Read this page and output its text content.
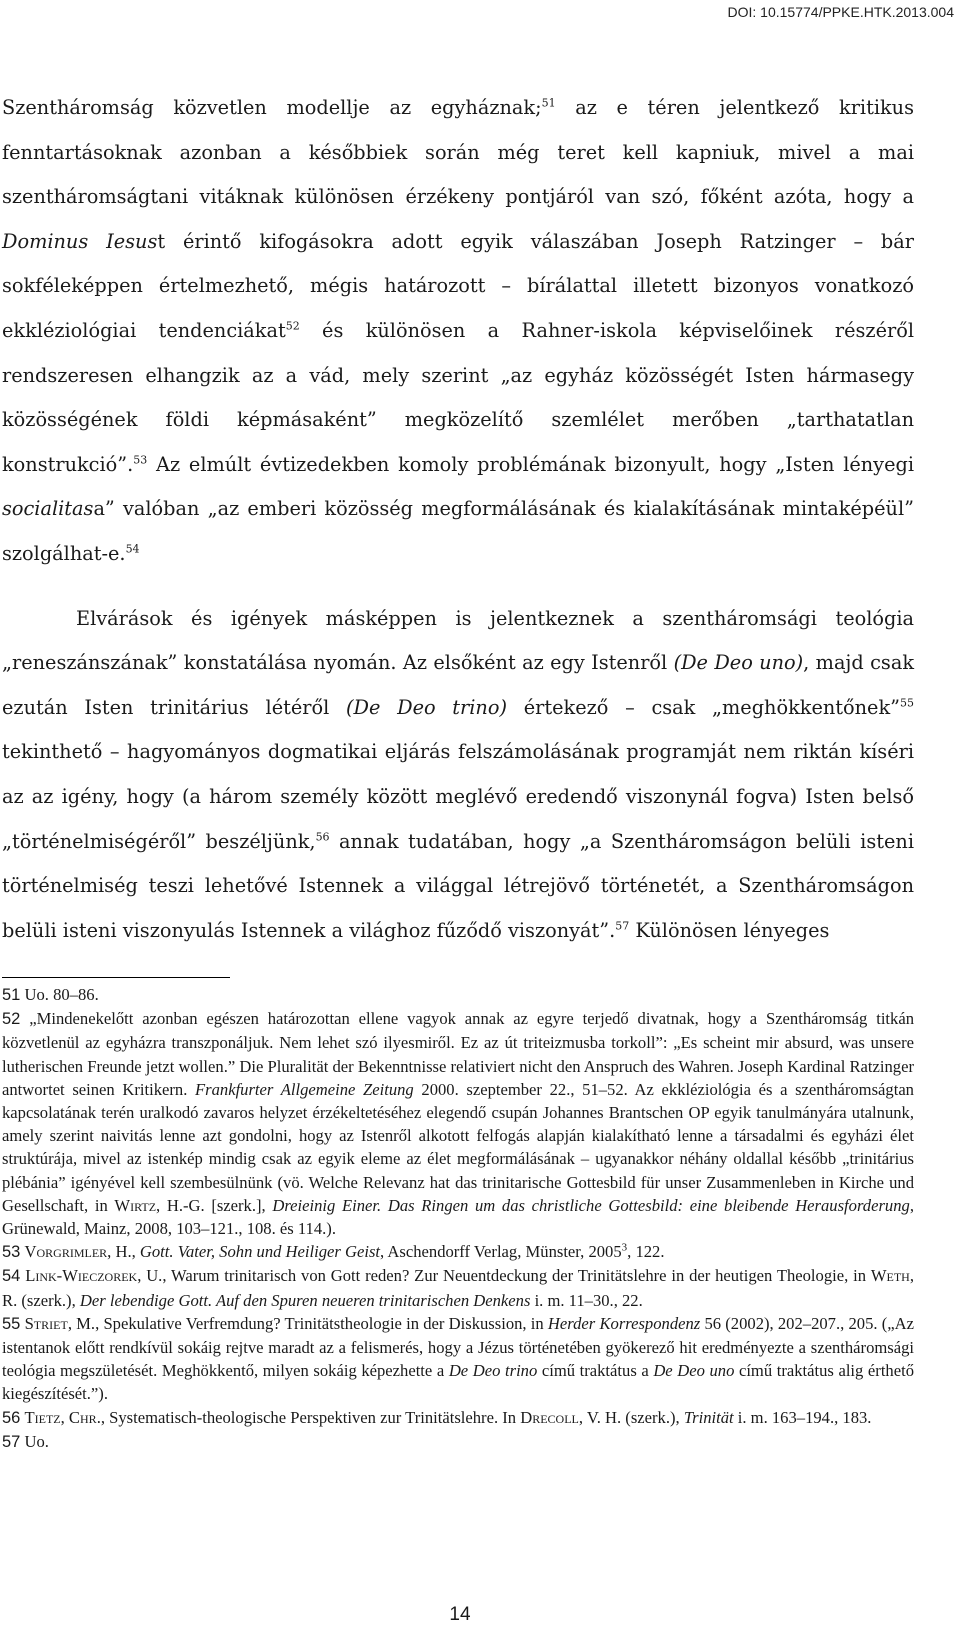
DOI: 10.15774/PPKE.HTK.2013.004

Szentháromság közvetlen modellje az egyháznak;$^{51}$ az e téren jelentkező kritikus fenntartásoknak azonban a későbbiek során még teret kell kapniuk, mivel a mai szentháromságtani vitáknak különösen érzékeny pontjáról van szó, főként azóta, hogy a Dominus Iesust érintő kifogásokra adott egyik válaszában Joseph Ratzinger – bár sokféleképpen értelmezhető, mégis határozott – bírálattal illetett bizonyos vonatkozó ekkléziológiai tendenciákat$^{52}$ és különösen a Rahner-iskola képviselőinek részéről rendszeresen elhangzik az a vád, mely szerint „az egyház közösségét Isten hármasegy közösségének földi képmásaként” megközelítő szemlélet merőben „tarthatatlan konstrukció”.$^{53}$ Az elmúlt évtizedekben komoly problémának bizonyult, hogy „Isten lényegi socialitasa” valóban „az emberi közösség megformálásának és kialakításának mintaképéül” szolgálhat-e.$^{54}$

Elvárások és igények másképpen is jelentkeznek a szentháromsági teológia „reneszánszának” konstatálása nyomán. Az elsőként az egy Istenről (De Deo uno), majd csak ezután Isten trinitárius létéről (De Deo trino) értekező – csak „meghökkentőnek”$^{55}$ tekinthető – hagyományos dogmatikai eljárás felszámolásának programját nem riktán kíséri az az igény, hogy (a három személy között meglévő eredendő viszonynál fogva) Isten belső „történelmiségéről” beszéljünk,$^{56}$ annak tudatában, hogy „a Szentháromságon belüli isteni történelmiség teszi lehetővé Istennek a világgal létrejövő történetét, a Szentháromságon belüli isteni viszonyulás Istennek a világhoz fűződő viszonyát”.$^{57}$ Különösen lényeges

51 Uo. 80–86.

52 „Mindenekelőtt azonban egészen határozottan ellene vagyok annak az egyre terjedő divatnak, hogy a Szentháromság titkán közvetlenül az egyházra transzponáljuk. Nem lehet szó ilyesmiről. Ez az út triteizmusba torkoll”: „Es scheint mir absurd, was unsere lutherischen Freunde jetzt wollen.” Die Pluralität der Bekenntnisse relativiert nicht den Anspruch des Wahren. Joseph Kardinal Ratzinger antwortet seinen Kritikern. Frankfurter Allgemeine Zeitung 2000. szeptember 22., 51–52. Az ekkléziológia és a szentháromságtan kapcsolatának terén uralkodó zavaros helyzet érzékeltetéséhez elegendő csupán Johannes Brantschen OP egyik tanulmányára utalnunk, amely szerint naivitás lenne azt gondolni, hogy az Istenről alkotott felfogás alapján kialakítható lenne a társadalmi és egyházi élet struktúrája, mivel az istenkép mindig csak az egyik eleme az élet megformálásának – ugyanakkor néhány oldallal később „trinitárius plébánia” igényével kell szembesülnünk (vö. Welche Relevanz hat das trinitarische Gottesbild für unser Zusammenleben in Kirche und Gesellschaft, in Wirtz, H.-G. [szerk.], Dreieinig Einer. Das Ringen um das christliche Gottesbild: eine bleibende Herausforderung, Grünewald, Mainz, 2008, 103–121., 108. és 114.).

53 Vorgrimler, H., Gott. Vater, Sohn und Heiliger Geist, Aschendorff Verlag, Münster, 2005$^3$, 122.

54 Link-Wieczorek, U., Warum trinitarisch von Gott reden? Zur Neuentdeckung der Trinitätslehre in der heutigen Theologie, in Weth, R. (szerk.), Der lebendige Gott. Auf den Spuren neueren trinitarischen Denkens i. m. 11–30., 22.

55 Striet, M., Spekulative Verfremdung? Trinitätstheologie in der Diskussion, in Herder Korrespondenz 56 (2002), 202–207., 205. („Az istentanok előtt rendkívül sokáig rejtve maradt az a felismerés, hogy a Jézus történetében gyökerező hit eredményezte a szentháromsági teológia megszületését. Meghökkentő, milyen sokáig képezhette a De Deo trino című traktátus a De Deo uno című traktátus alig érthető kiegészítését.”).

56 Tietz, Chr., Systematisch-theologische Perspektiven zur Trinitätslehre. In Drecoll, V. H. (szerk.), Trinität i. m. 163–194., 183.

57 Uo.

14
